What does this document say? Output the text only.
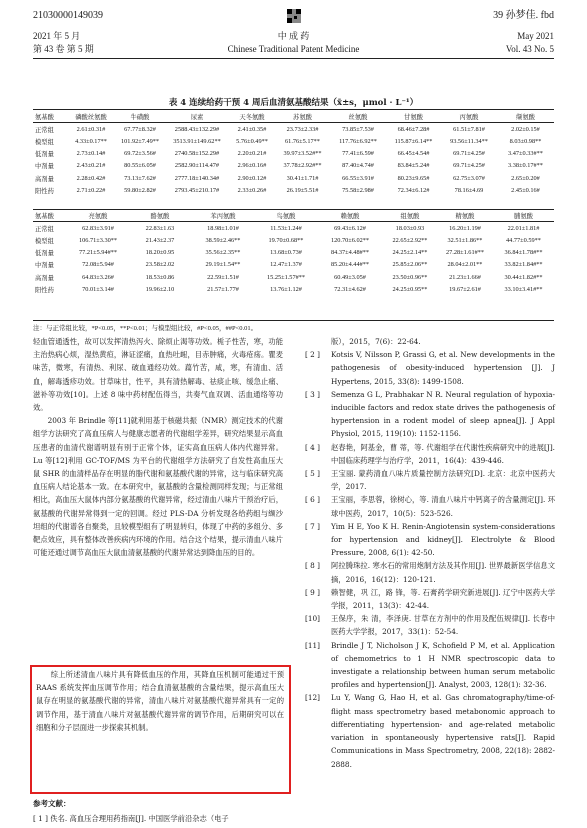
21030000149039	39 孙梦佳. fbd
2021 年 5 月	中 成 药	May 2021
第 43 卷 第 5 期	Chinese Traditional Patent Medicine	Vol. 43 No. 5
表 4 连续给药干预 4 周后血清氨基酸结果（x̄±s，μmol · L⁻¹）
氨基酸	磷酸丝氨酸	牛磺酸	尿素	天冬氨酸	苏氨酸	丝氨酸	甘氨酸	丙氨酸	缬氨酸	
正常组	2.61±0.31#	67.77±8.32#	2588.43±132.29#	2.41±0.35#	23.73±2.33#	73.85±7.53#	68.46±7.28#	61.51±7.81#	2.02±0.15#	
模型组	4.33±0.17**	101.92±7.49**	3513.91±149.62**	5.76±0.49**	61.76±5.17**	117.76±6.92**	115.87±6.14**	93.56±11.34**	8.03±0.98**	
低剂量	2.73±0.14#	69.72±3.56#	2740.58±152.29#	2.20±0.21#	39.97±3.52#**	77.41±6.59#	66.45±4.54#	69.71±4.25#	3.47±0.33#**	
中剂量	2.43±0.21#	80.55±6.05#	2582.90±114.47#	2.96±0.16#	37.78±2.92#**	87.40±4.74#	83.84±5.24#	69.71±4.25#	3.38±0.17#**	
高剂量	2.28±0.42#	73.13±7.62#	2777.18±140.34#	2.90±0.12#	30.41±1.71#	66.55±3.91#	80.23±9.65#	62.75±3.07#	2.65±0.20#	
阳性药	2.71±0.22#	59.80±2.82#	2793.45±210.17#	2.33±0.26#	26.19±5.51#	75.58±2.98#	72.34±6.12#	78.16±4.69	2.45±0.16#	
氨基酸	亮氨酸	酪氨酸	苯丙氨酸	鸟氨酸	赖氨酸	组氨酸	精氨酸	脯氨酸
正常组	62.83±3.91#	22.83±1.63	18.98±1.01#	11.53±1.24#	69.43±6.12#	18.03±0.93	16.20±1.19#	22.01±1.81#
模型组	106.71±3.30**	21.43±2.37	38.59±2.46**	19.70±0.68**	120.70±6.02**	22.65±2.92**	32.51±1.86**	44.77±0.59**
低剂量	77.21±5.94#**	18.20±0.95	35.56±2.35**	13.68±0.73#	84.37±4.48#**	24.25±2.14**	27.28±1.61#**	36.84±1.78#**
中剂量	72.08±5.94#	23.58±2.02	29.19±1.54**	12.47±1.37#	85.20±4.44#**	25.85±2.06**	28.04±2.01**	33.82±1.84#**
高剂量	64.83±3.26#	18.53±0.86	22.59±1.51#	15.25±1.57#**	60.49±3.05#	23.50±0.96**	21.23±1.66#	30.44±1.82#**
阳性药	70.01±3.14#	19.96±2.10	21.57±1.77#	13.76±1.12#	72.31±4.62#	24.25±0.95**	19.67±2.61#	33.10±3.41#**
注：与正常组比较，*P<0.05，**P<0.01；与模型组比较，#P<0.05，##P<0.01。

轻血管通透性，故可以发挥清热泻火、除烦止渴等功效。栀子性苦，寒，功能主治热病心烦，湿热黄疸，淋证涩痛，血热吐衄，目赤肿痛，火毒疮疡。瞿麦味苦，微寒，有清热、利尿、破血通经功效。萹竹苦，咸，寒，有清血、活血，解毒透疹功效。甘草味甘，性平，具有清热解毒、祛痰止咳、缓急止痛、滋补等功效[10]。上述 8 味中药材配伍得当，共奏气血双调、活血通络等功效。

2003 年 Brindle 等[11]就利用基于核磁共振（NMR）测定技术的代谢组学方法研究了高血压病人与健康志愿者的代谢组学差异，研究结果显示高血压患者的血清代谢谱明显有别于正常个体，证实高血压病人体内代谢异常。Lu 等[12]利用 GC-TOF/MS 为平台的代谢组学方法研究了自发性高血压大鼠 SHR 的血清样品存在明显的脂代谢和氨基酸代谢的异常，这与临床研究高血压病人结论基本一致。在本研究中，氨基酸的含量检测同样发现；与正常组相比，高血压大鼠体内部分氨基酸的代谢异常，经过清血八味片干预治疗后，氨基酸的代谢异常得到一定的回调。经过 PLS-DA 分析发现各给药组与缬沙坦组的代谢谱各自聚类，且较模型组有了明显转归，体现了中药的多组分、多靶点效应，具有整体改善疾病内环境的作用。结合这个结果，提示清血八味片可能还通过调节高血压大鼠血清氨基酸的代谢异常达到降血压的目的。

综上所述清血八味片具有降低血压的作用，其降血压机制可能通过干预 RAAS 系统发挥血压调节作用；结合血清氨基酸的含量结果，提示高血压大鼠存在明显的氨基酸代谢的异常，清血八味片对氨基酸代谢异常具有一定的调节作用，基于清血八味片对氨基酸代谢异常的调节作用，后期研究可以在细胞和分子层面进一步探索其机制。

参考文献：
[ 1 ] 佚名. 高血压合理用药指南[J]. 中国医学前沿杂志（电子
版），2015，7(6)：22-64.
[ 2 ]	Kotsis V, Nilsson P, Grassi G, et al. New developments in the pathogenesis of obesity-induced hypertension [J]. J Hypertens, 2015, 33(8): 1499-1508.
[ 3 ]	Semenza G L, Prabhakar N R. Neural regulation of hypoxia-inducible factors and redox state drives the pathogenesis of hypertension in a rodent model of sleep apnea[J]. J Appl Physiol, 2015, 119(10): 1152-1156.
[ 4 ]	赵春艳，阿基金，曹 蒂，等. 代谢组学在代谢性疾病研究中的进展[J]. 中国临床药理学与治疗学，2011，16(4)：439-446.
[ 5 ]	王宝丽. 蒙药清血八味片质量控制方法研究[D]. 北京：北京中医药大学，2017.
[ 6 ]	王宝丽，李思蓉，徐树心，等. 清血八味片中钙离子的含量测定[J]. 环球中医药，2017，10(5)：523-526.
[ 7 ]	Yim H E, Yoo K H. Renin-Angiotensin system-considerations for hypertension and kidney[J]. Electrolyte & Blood Pressure, 2008, 6(1): 42-50.
[ 8 ]	阿拉腾珠拉. 寒水石的常用炮制方法及其作用[J]. 世界最新医学信息文摘，2016，16(12)：120-121.
[ 9 ]	赖智健，巩 江，路 锋，等. 石膏药学研究新进展[J]. 辽宁中医药大学学报，2011，13(3)：42-44.
[10]	王保序，朱 清，李泽庚. 甘草在方剂中的作用及配伍规律[J]. 长春中医药大学学报，2017，33(1)：52-54.
[11]	Brindle J T, Nicholson J K, Schofield P M, et al. Application of chemometrics to 1 H NMR spectroscopic data to investigate a relationship between human serum metabolic profiles and hypertension[J]. Analyst, 2003, 128(1): 32-36.
[12]	Lu Y, Wang G, Hao H, et al. Gas chromatography/time-of-flight mass spectrometry based metabonomic approach to differentiating hypertension- and age-related metabolic variation in spontaneously hypertensive rats[J]. Rapid Communications in Mass Spectrometry, 2008, 22(18): 2882-2888.
